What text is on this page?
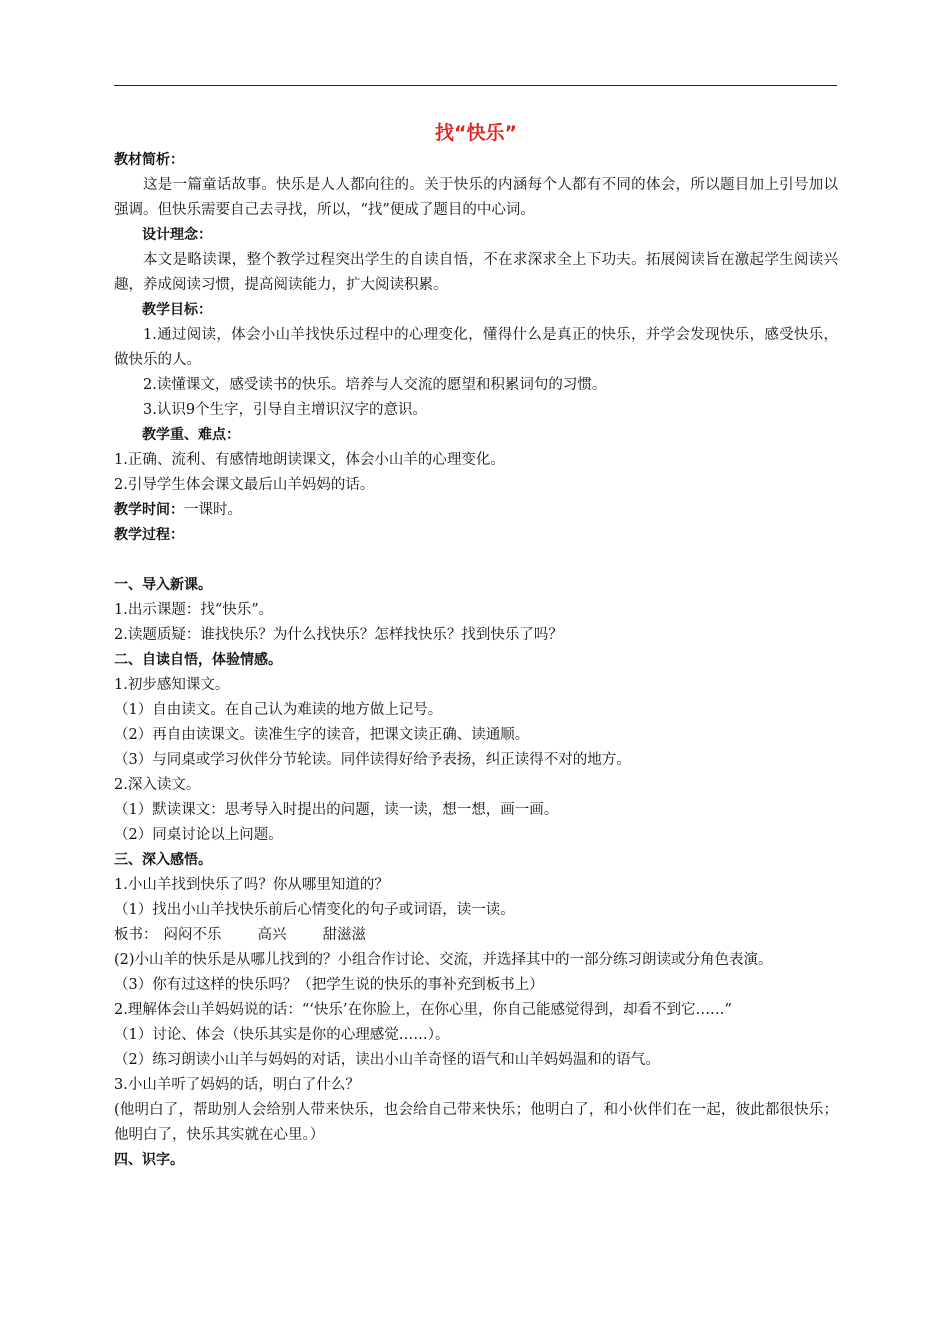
找“快乐”

教材简析：

这是一篇童话故事。快乐是人人都向往的。关于快乐的内涵每个人都有不同的体会，所以题目加上引号加以强调。但快乐需要自己去寻找，所以，“找”便成了题目的中心词。

设计理念：

本文是略读课，整个教学过程突出学生的自读自悟，不在求深求全上下功夫。拓展阅读旨在激起学生阅读兴趣，养成阅读习惯，提高阅读能力，扩大阅读积累。

教学目标：

1.通过阅读，体会小山羊找快乐过程中的心理变化，懂得什么是真正的快乐，并学会发现快乐，感受快乐，做快乐的人。

2.读懂课文，感受读书的快乐。培养与人交流的愿望和积累词句的习惯。

3.认识9个生字，引导自主增识汉字的意识。

教学重、难点：

1.正确、流利、有感情地朗读课文，体会小山羊的心理变化。

2.引导学生体会课文最后山羊妈妈的话。

教学时间：一课时。

教学过程：

一、导入新课。

1.出示课题：找“快乐”。

2.读题质疑：谁找快乐？为什么找快乐？怎样找快乐？找到快乐了吗？

二、自读自悟，体验情感。

1.初步感知课文。

（1）自由读文。在自己认为难读的地方做上记号。

（2）再自由读课文。读准生字的读音，把课文读正确、读通顺。

（3）与同桌或学习伙伴分节轮读。同伴读得好给予表扬，纠正读得不对的地方。

2.深入读文。

（1）默读课文：思考导入时提出的问题，读一读，想一想，画一画。

（2）同桌讨论以上问题。

三、深入感悟。

1.小山羊找到快乐了吗？你从哪里知道的？

（1）找出小山羊找快乐前后心情变化的句子或词语，读一读。

板书： 闷闷不乐 高兴 甜滋滋

(2)小山羊的快乐是从哪儿找到的？小组合作讨论、交流，并选择其中的一部分练习朗读或分角色表演。

（3）你有过这样的快乐吗？（把学生说的快乐的事补充到板书上）

2.理解体会山羊妈妈说的话：“‘快乐’在你脸上，在你心里，你自己能感觉得到，却看不到它……”

（1）讨论、体会（快乐其实是你的心理感觉……）。

（2）练习朗读小山羊与妈妈的对话，读出小山羊奇怪的语气和山羊妈妈温和的语气。

3.小山羊听了妈妈的话，明白了什么？

(他明白了，帮助别人会给别人带来快乐，也会给自己带来快乐；他明白了，和小伙伴们在一起，彼此都很快乐；他明白了，快乐其实就在心里。）

四、识字。
